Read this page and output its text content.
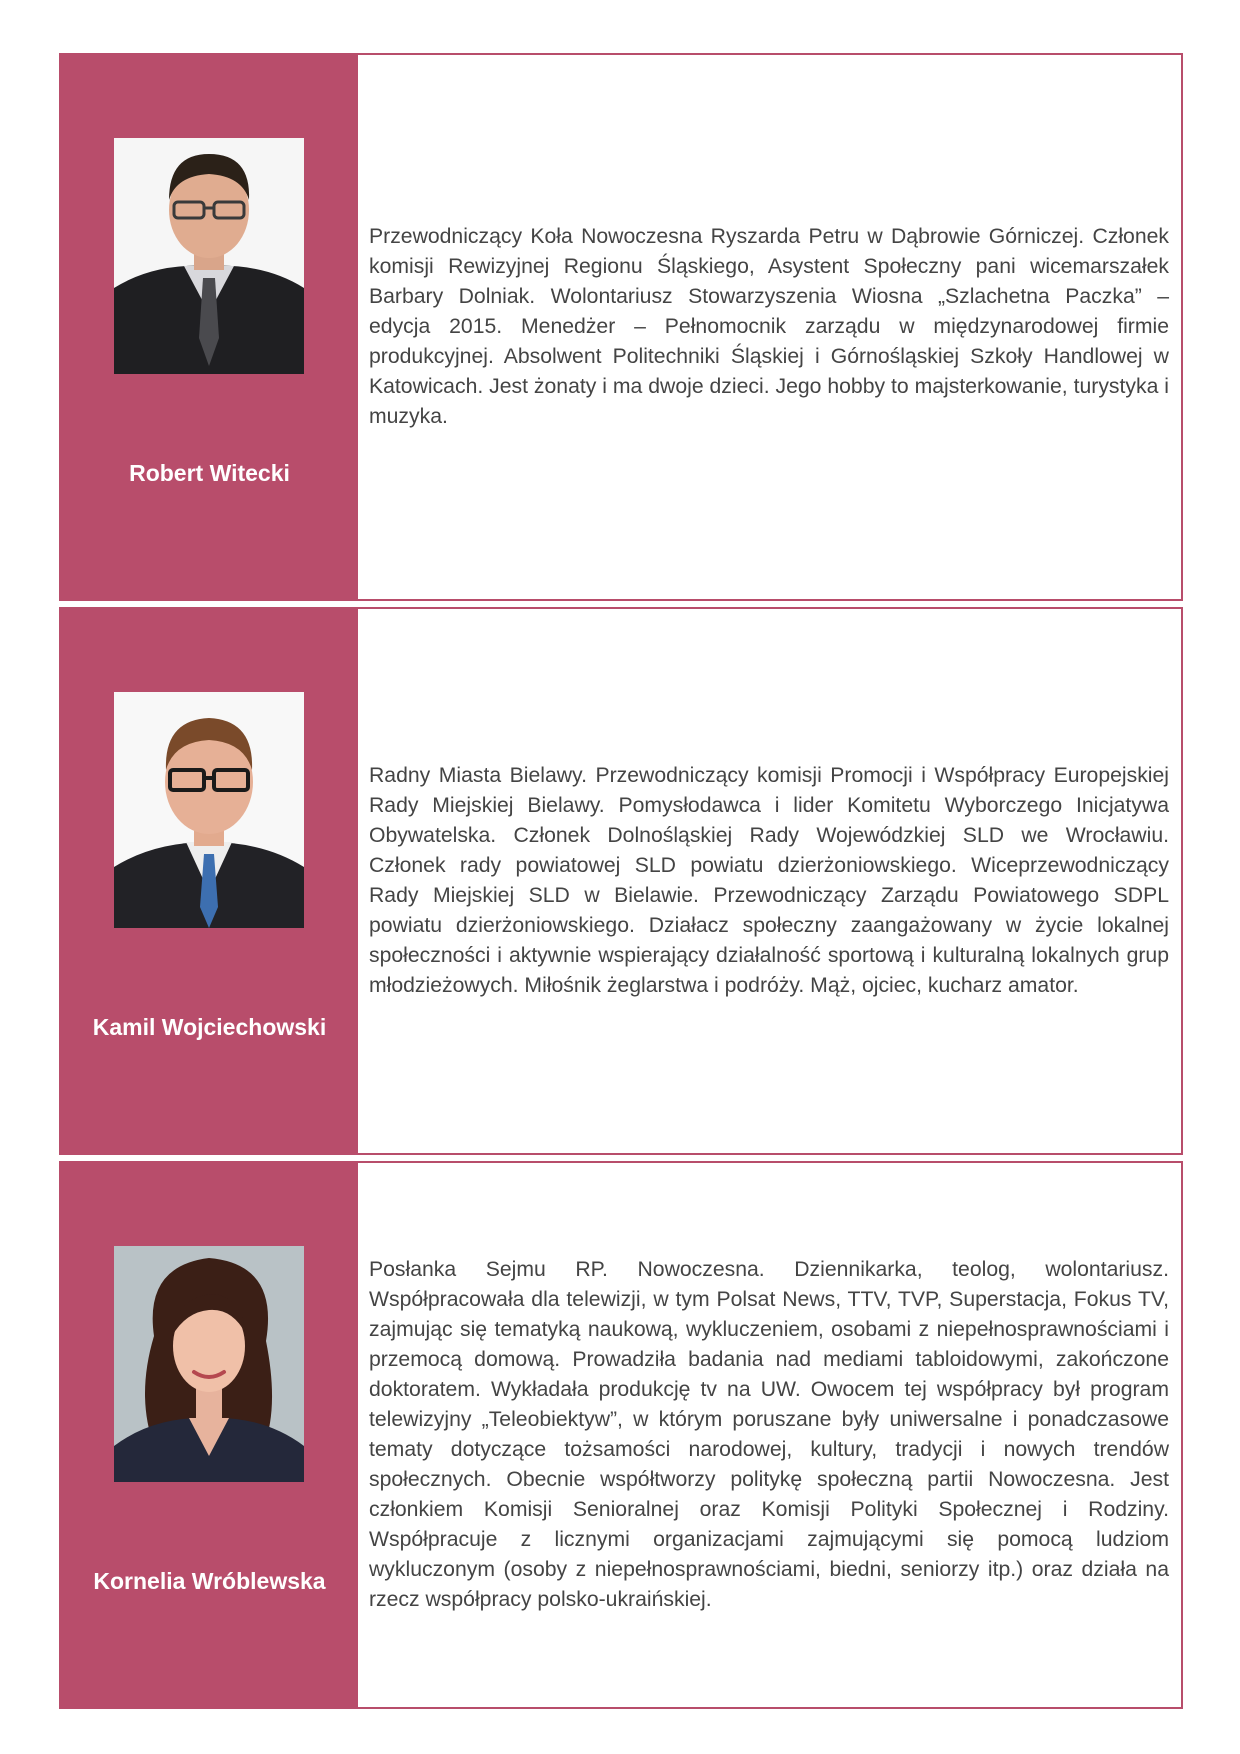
Robert Witecki

Przewodniczący Koła Nowoczesna Ryszarda Petru w Dąbrowie Górniczej. Członek komisji Rewizyjnej Regionu Śląskiego, Asystent Społeczny pani wicemarszałek Barbary Dolniak. Wolontariusz Stowarzyszenia Wiosna „Szlachetna Paczka” – edycja 2015. Menedżer – Pełnomocnik zarządu w międzynarodowej firmie produkcyjnej. Absolwent Politechniki Śląskiej i Górnośląskiej Szkoły Handlowej w Katowicach. Jest żonaty i ma dwoje dzieci. Jego hobby to majsterkowanie, turystyka i muzyka.

Kamil Wojciechowski

Radny Miasta Bielawy. Przewodniczący komisji Promocji i Współpracy Europejskiej Rady Miejskiej Bielawy. Pomysłodawca i lider Komitetu Wyborczego Inicjatywa Obywatelska. Członek Dolnośląskiej Rady Wojewódzkiej SLD we Wrocławiu. Członek rady powiatowej SLD powiatu dzierżoniowskiego. Wiceprzewodniczący Rady Miejskiej SLD w Bielawie. Przewodniczący Zarządu Powiatowego SDPL powiatu dzierżoniowskiego. Działacz społeczny zaangażowany w życie lokalnej społeczności i aktywnie wspierający działalność sportową i kulturalną lokalnych grup młodzieżowych. Miłośnik żeglarstwa i podróży. Mąż, ojciec, kucharz amator.

Kornelia Wróblewska

Posłanka Sejmu RP. Nowoczesna. Dziennikarka, teolog, wolontariusz. Współpracowała dla telewizji, w tym Polsat News, TTV, TVP, Superstacja, Fokus TV, zajmując się tematyką naukową, wykluczeniem, osobami z niepełnosprawnościami i przemocą domową. Prowadziła badania nad mediami tabloidowymi, zakończone doktoratem. Wykładała produkcję tv na UW. Owocem tej współpracy był program telewizyjny „Teleobiektyw”, w którym poruszane były uniwersalne i ponadczasowe tematy dotyczące tożsamości narodowej, kultury, tradycji i nowych trendów społecznych. Obecnie współtworzy politykę społeczną partii Nowoczesna. Jest członkiem Komisji Senioralnej oraz Komisji Polityki Społecznej i Rodziny. Współpracuje z licznymi organizacjami zajmującymi się pomocą ludziom wykluczonym (osoby z niepełnosprawnościami, biedni, seniorzy itp.) oraz działa na rzecz współpracy polsko-ukraińskiej.
